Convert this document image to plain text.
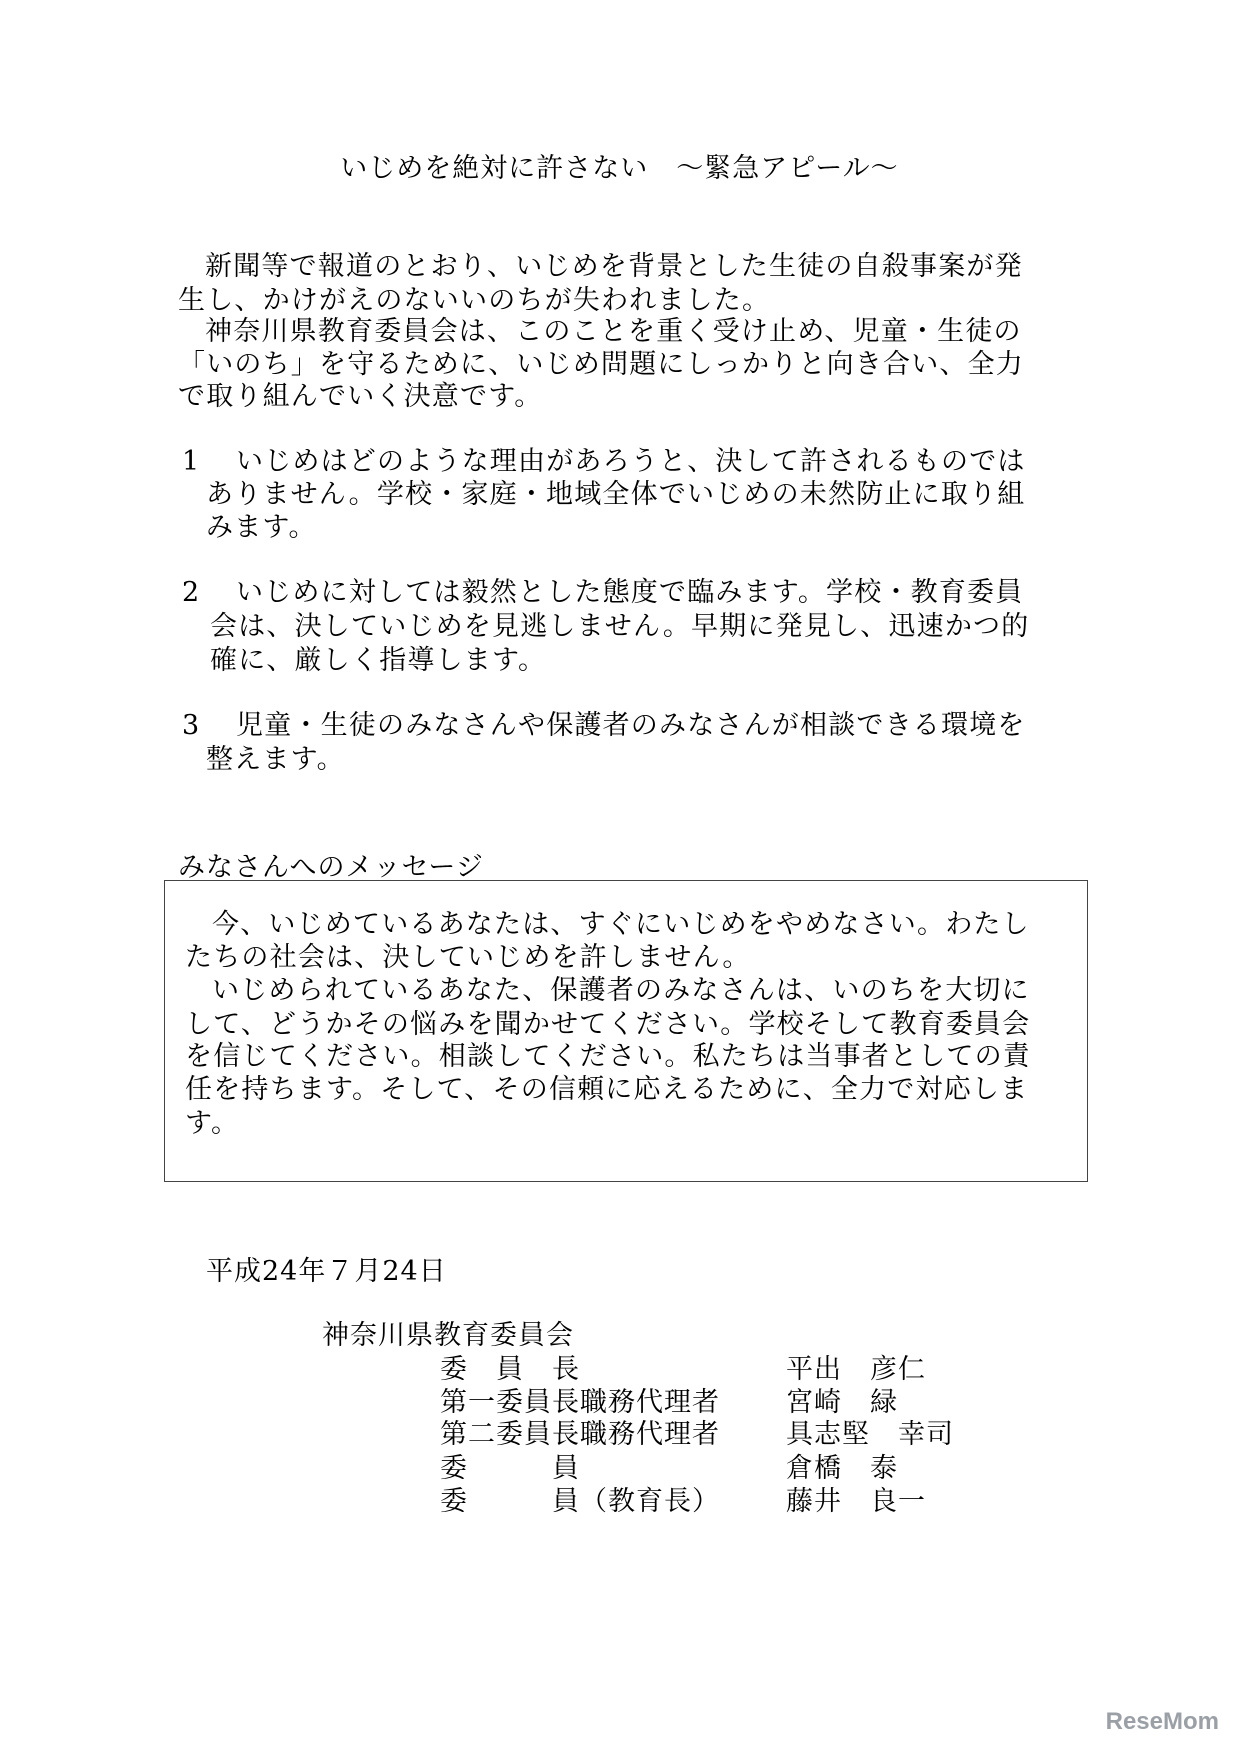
いじめを絶対に許さない　～緊急アピール～
新聞等で報道のとおり、いじめを背景とした生徒の自殺事案が発
生し、かけがえのないいのちが失われました。
神奈川県教育委員会は、このことを重く受け止め、児童・生徒の
「いのち」を守るために、いじめ問題にしっかりと向き合い、全力
で取り組んでいく決意です。
1 いじめはどのような理由があろうと、決して許されるものでは
ありません。学校・家庭・地域全体でいじめの未然防止に取り組
みます。
2 いじめに対しては毅然とした態度で臨みます。学校・教育委員
会は、決していじめを見逃しません。早期に発見し、迅速かつ的
確に、厳しく指導します。
3 児童・生徒のみなさんや保護者のみなさんが相談できる環境を
整えます。
みなさんへのメッセージ
今、いじめているあなたは、すぐにいじめをやめなさい。わたし
たちの社会は、決していじめを許しません。
いじめられているあなた、保護者のみなさんは、いのちを大切に
して、どうかその悩みを聞かせてください。学校そして教育委員会
を信じてください。相談してください。私たちは当事者としての責
任を持ちます。そして、その信頼に応えるために、全力で対応しま
す。
平成24年７月24日
神奈川県教育委員会
委　員　長	平出　彦仁
第一委員長職務代理者 宮崎　緑
第二委員長職務代理者 具志堅　幸司
委　　　員	倉橋　泰
委　　　員（教育長） 藤井　良一
ReseMom
